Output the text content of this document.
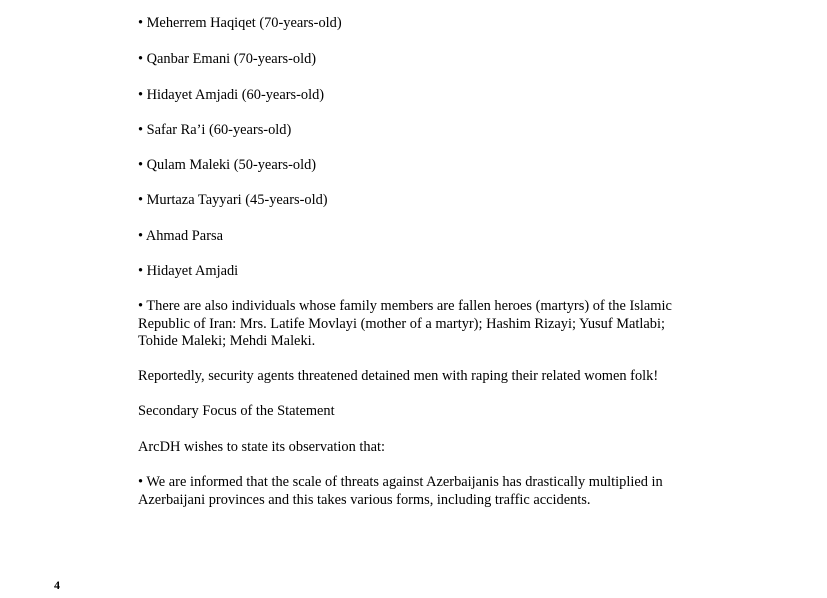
• Meherrem Haqiqet (70-years-old)

• Qanbar Emani (70-years-old)

• Hidayet Amjadi (60-years-old)

• Safar Ra’i (60-years-old)

• Qulam Maleki (50-years-old)

• Murtaza Tayyari (45-years-old)

• Ahmad Parsa

• Hidayet Amjadi

• There are also individuals whose family members are fallen heroes (martyrs) of the Islamic Republic of Iran: Mrs. Latife Movlayi (mother of a martyr); Hashim Rizayi; Yusuf Matlabi; Tohide Maleki; Mehdi Maleki.

Reportedly, security agents threatened detained men with raping their related women folk!

Secondary Focus of the Statement

ArcDH wishes to state its observation that:

• We are informed that the scale of threats against Azerbaijanis has drastically multiplied in Azerbaijani provinces and this takes various forms, including traffic accidents.

4
